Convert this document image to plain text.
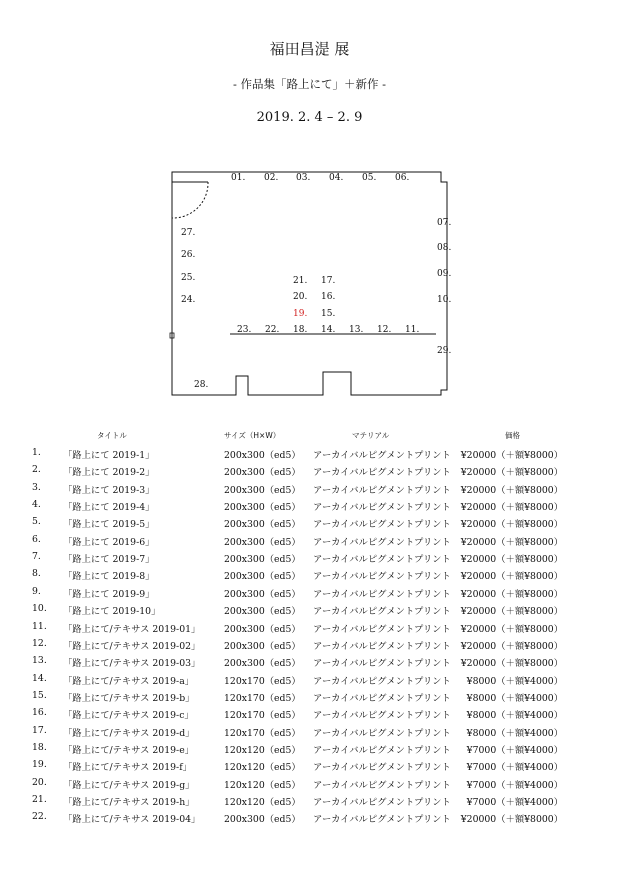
福田昌湜 展
- 作品集「路上にて」＋新作 -
2019. 2. 4 – 2. 9
01. 02. 03. 04. 05. 06.
07.
08.
09.
10.
11.
12.
13.
14.
15.
16.
17.
18.
19.
20.
21.
22.
23.
24.
25.
26.
27.
28.
29.
タイトル	サイズ（H×W）	マテリアル	価格
1. 「路上にて 2019-1」	200x300（ed5） アーカイバルピグメントプリント ¥20000（＋額¥8000）
2. 「路上にて 2019-2」	200x300（ed5） アーカイバルピグメントプリント ¥20000（＋額¥8000）
3. 「路上にて 2019-3」	200x300（ed5） アーカイバルピグメントプリント ¥20000（＋額¥8000）
4. 「路上にて 2019-4」	200x300（ed5） アーカイバルピグメントプリント ¥20000（＋額¥8000）
5. 「路上にて 2019-5」	200x300（ed5） アーカイバルピグメントプリント ¥20000（＋額¥8000）
6. 「路上にて 2019-6」	200x300（ed5） アーカイバルピグメントプリント ¥20000（＋額¥8000）
7. 「路上にて 2019-7」	200x300（ed5） アーカイバルピグメントプリント ¥20000（＋額¥8000）
8. 「路上にて 2019-8」	200x300（ed5） アーカイバルピグメントプリント ¥20000（＋額¥8000）
9. 「路上にて 2019-9」	200x300（ed5） アーカイバルピグメントプリント ¥20000（＋額¥8000）
10. 「路上にて 2019-10」	200x300（ed5） アーカイバルピグメントプリント ¥20000（＋額¥8000）
11. 「路上にて/テキサス 2019-01」	200x300（ed5） アーカイバルピグメントプリント ¥20000（＋額¥8000）
12. 「路上にて/テキサス 2019-02」	200x300（ed5） アーカイバルピグメントプリント ¥20000（＋額¥8000）
13. 「路上にて/テキサス 2019-03」	200x300（ed5） アーカイバルピグメントプリント ¥20000（＋額¥8000）
14. 「路上にて/テキサス 2019-a」	120x170（ed5） アーカイバルピグメントプリント ¥8000（＋額¥4000）
15. 「路上にて/テキサス 2019-b」	120x170（ed5） アーカイバルピグメントプリント ¥8000（＋額¥4000）
16. 「路上にて/テキサス 2019-c」	120x170（ed5） アーカイバルピグメントプリント ¥8000（＋額¥4000）
17. 「路上にて/テキサス 2019-d」	120x170（ed5） アーカイバルピグメントプリント ¥8000（＋額¥4000）
18. 「路上にて/テキサス 2019-e」	120x120（ed5） アーカイバルピグメントプリント ¥7000（＋額¥4000）
19. 「路上にて/テキサス 2019-f」	120x120（ed5） アーカイバルピグメントプリント ¥7000（＋額¥4000）
20. 「路上にて/テキサス 2019-g」	120x120（ed5） アーカイバルピグメントプリント ¥7000（＋額¥4000）
21. 「路上にて/テキサス 2019-h」	120x120（ed5） アーカイバルピグメントプリント ¥7000（＋額¥4000）
22. 「路上にて/テキサス 2019-04」	200x300（ed5） アーカイバルピグメントプリント ¥20000（＋額¥8000）
